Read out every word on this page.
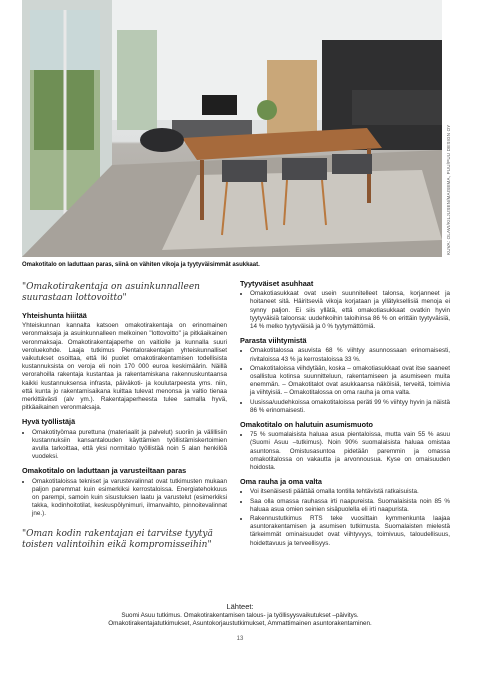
KUVA: OLAVI/KILJUSEN/MAISEMA, PUU/PUU DESIGN OY
Omakotitalo on laduttaan paras, siinä on vähiten vikoja ja tyytyväisimmät asukkaat.
"Omakotirakentaja on asuinkunnalleen suurastaan lottovoitto"
Yhteishunta hiiitää

Yhteiskunnan kannalta katsoen omakotirakentaja on erinomainen veronmaksaja ja asuinkunnalleen melkoinen "lottovoitto" ja pitkäaikainen veronmaksaja. Omakotirakentajaperhe on vaitiolle ja kunnalla suuri veroluekohde. Laaja tutkimus Pientalorakentajan yhteiskunnalliset vaikutukset osoittaa, että Iki puolet omakotirakentamisen todellisista kustannuksista on veroja eli noin 170 000 euroa keskimäärin. Näillä verorahoilla rakentaja kustantaa ja rakentamiskana rakennuskuntaansa kaikki kustannuksensa infrasta, päiväkoti- ja koulutarpeesta yms. niin, että kunta jo rakentamisaikana kuittaa tulevat menonsa ja valtio tienaa merkittävästi (alv ym.). Rakentajaperheesta tulee samalla hyvä, pitkäaikainen veronmaksaja.

Hyvä työllistäjä
• Omakotityömaa purettuna (materiaalit ja palvelut) suoriin ja välillisiin kustannuksiin kansantalouden käyttämien työllistämiskertoimien avulla tarkoittaa, että yksi normitalo työllistää noin 5 alan henkilöä vuodeksi.
Omakotitalo on laduttaan ja varusteiltaan paras
• Omakotitaloissa tekniset ja varustevalinnat ovat tutkimusten mukaan paljon paremmat kuin esimerkiksi kerrostaloissa. Energiatehokkuus on parempi, samoin kuin sisustuksen laatu ja varustelut (esimerkiksi takka, kodinhoitotilat, keskuspölynimuri, ilmanvaihto, pinnoitevalinnat jne.).
"Oman kodin rakentajan ei tarvitse tyytyä toisten valintoihin eikä kompromisseihin"
Tyytyväiset asuhhaat
• Omakotiasukkaat ovat usein suunnitelleet talonsa, korjanneet ja hoitaneet sitä. Häiritseviä vikoja korjataan ja yllätyksellisiä menoja ei synny paljon. Ei siis yllätä, että omakotiasukkaat ovatkin hyvin tyytyväisiä taloonsa: uudehkoihin taloihinsa 86 % on erittäin tyytyväisiä, 14 % melko tyytyväisiä ja 0 % tyytymättömiä.
Parasta viihtymistä
• Omakotitalossa asuvista 68 % viihtyy asunnossaan erinomaisesti, rivitaloissa 43 % ja kerrostaloissa 33 %.
• Omakotitaloissa viihdytään, koska – omakotiasukkaat ovat itse saaneet osallistua kotinsa suunnitteluun, rakentamiseen ja asumiseen muita enemmän. – Omakotitalot ovat asukkaansa näköisiä, terveitä, toimivia ja viihtyisiä. – Omakotitalossa on oma rauha ja oma valta.
• Uusissa/uudehkoissa omakotitaloissa peräti 99 % viihtyy hyvin ja näistä 86 % erinomaisesti.
Omakotitalo on halutuin asumismuoto
• 75 % suomalaisista haluaa asua pientaloissa, mutta vain 55 % asuu (Suomi Asuu –tutkimus). Noin 90% suomalaisista haluaa omistaa asuntonsa. Omistusasuntoa pidetään paremmin ja omassa omakotitalossa on vakautta ja arvonnousua. Kyse on omaisuuden hoidosta.
Oma rauha ja oma valta
• Voi itsenäisesti päättää omalla tontilla tehtävistä ratkaisuista.
• Saa olla omassa rauhassa irti naapureista. Suomalaisista noin 85 % haluaa asua omien seinien sisäpuolella eli irti naapurista.
• Rakennustutkimus RTS teke vuosittain kymmenkunta laajaa asuntorakentamisen ja asumisen tutkimusta. Suomalaisten mielestä tärkeimmät ominaisuudet ovat viihtyvyys, toimivuus, taloudellisuus, hoidettavuus ja terveellisyys.
Lähteet:
Suomi Asuu tutkimus. Omakotirakentamisen talous- ja työllisyysvaikutukset –päivitys.
Omakotirakentajatutkimukset, Asuntokorjaustutkimukset, Ammattimainen asuntorakentaminen.
13
